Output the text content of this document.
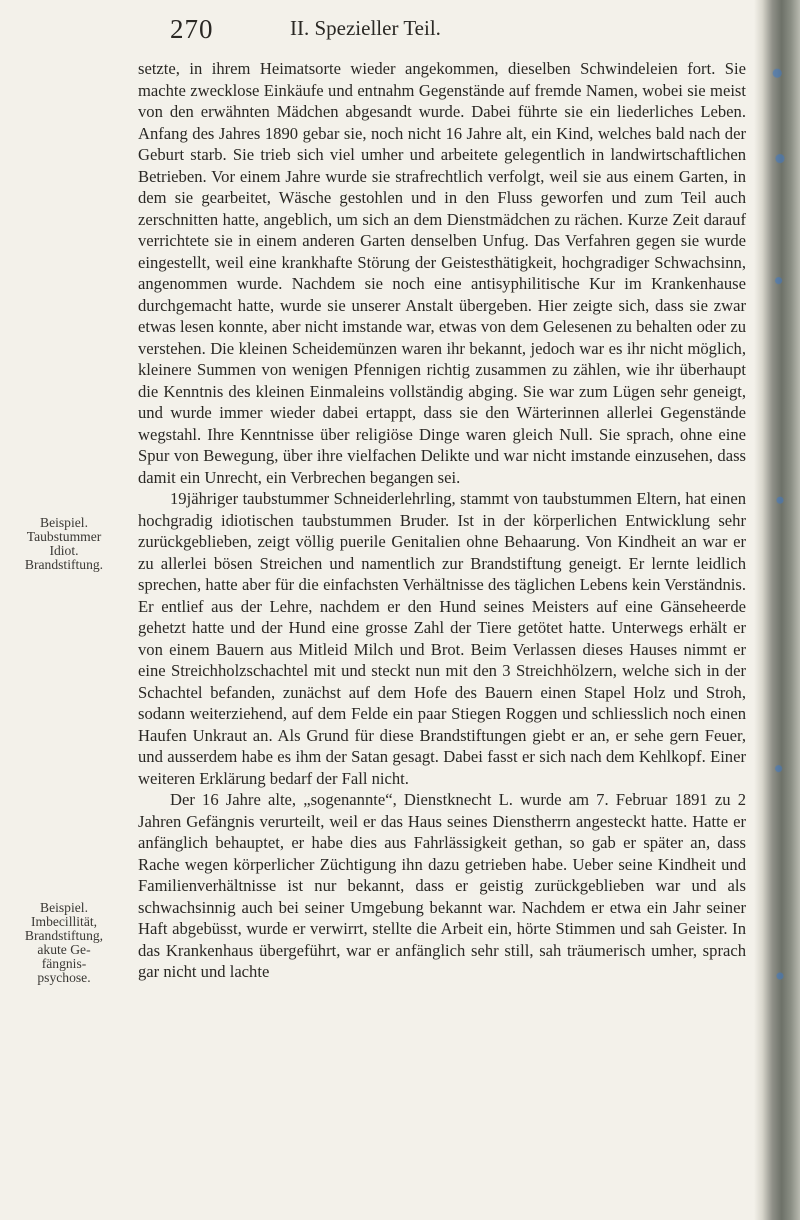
270	II. Spezieller Teil.

setzte, in ihrem Heimatsorte wieder angekommen, dieselben Schwindeleien fort. Sie machte zwecklose Einkäufe und entnahm Gegenstände auf fremde Namen, wobei sie meist von den erwähnten Mädchen abgesandt wurde. Dabei führte sie ein liederliches Leben. Anfang des Jahres 1890 gebar sie, noch nicht 16 Jahre alt, ein Kind, welches bald nach der Geburt starb. Sie trieb sich viel umher und arbeitete gelegentlich in landwirtschaftlichen Betrieben. Vor einem Jahre wurde sie strafrechtlich verfolgt, weil sie aus einem Garten, in dem sie gearbeitet, Wäsche gestohlen und in den Fluss geworfen und zum Teil auch zerschnitten hatte, angeblich, um sich an dem Dienstmädchen zu rächen. Kurze Zeit darauf verrichtete sie in einem anderen Garten denselben Unfug. Das Verfahren gegen sie wurde eingestellt, weil eine krankhafte Störung der Geistesthätigkeit, hochgradiger Schwachsinn, angenommen wurde. Nachdem sie noch eine antisyphilitische Kur im Krankenhause durchgemacht hatte, wurde sie unserer Anstalt übergeben. Hier zeigte sich, dass sie zwar etwas lesen konnte, aber nicht imstande war, etwas von dem Gelesenen zu behalten oder zu verstehen. Die kleinen Scheidemünzen waren ihr bekannt, jedoch war es ihr nicht möglich, kleinere Summen von wenigen Pfennigen richtig zusammen zu zählen, wie ihr überhaupt die Kenntnis des kleinen Einmaleins vollständig abging. Sie war zum Lügen sehr geneigt, und wurde immer wieder dabei ertappt, dass sie den Wärterinnen allerlei Gegenstände wegstahl. Ihre Kenntnisse über religiöse Dinge waren gleich Null. Sie sprach, ohne eine Spur von Bewegung, über ihre vielfachen Delikte und war nicht imstande einzusehen, dass damit ein Unrecht, ein Verbrechen begangen sei.

19jähriger taubstummer Schneiderlehrling, stammt von taubstummen Eltern, hat einen hochgradig idiotischen taubstummen Bruder. Ist in der körperlichen Entwicklung sehr zurückgeblieben, zeigt völlig puerile Genitalien ohne Behaarung. Von Kindheit an war er zu allerlei bösen Streichen und namentlich zur Brandstiftung geneigt. Er lernte leidlich sprechen, hatte aber für die einfachsten Verhältnisse des täglichen Lebens kein Verständnis. Er entlief aus der Lehre, nachdem er den Hund seines Meisters auf eine Gänseheerde gehetzt hatte und der Hund eine grosse Zahl der Tiere getötet hatte. Unterwegs erhält er von einem Bauern aus Mitleid Milch und Brot. Beim Verlassen dieses Hauses nimmt er eine Streichholzschachtel mit und steckt nun mit den 3 Streichhölzern, welche sich in der Schachtel befanden, zunächst auf dem Hofe des Bauern einen Stapel Holz und Stroh, sodann weiterziehend, auf dem Felde ein paar Stiegen Roggen und schliesslich noch einen Haufen Unkraut an. Als Grund für diese Brandstiftungen giebt er an, er sehe gern Feuer, und ausserdem habe es ihm der Satan gesagt. Dabei fasst er sich nach dem Kehlkopf. Einer weiteren Erklärung bedarf der Fall nicht.

Der 16 Jahre alte, „sogenannte“, Dienstknecht L. wurde am 7. Februar 1891 zu 2 Jahren Gefängnis verurteilt, weil er das Haus seines Dienstherrn angesteckt hatte. Hatte er anfänglich behauptet, er habe dies aus Fahrlässigkeit gethan, so gab er später an, dass Rache wegen körperlicher Züchtigung ihn dazu getrieben habe. Ueber seine Kindheit und Familienverhältnisse ist nur bekannt, dass er geistig zurückgeblieben war und als schwachsinnig auch bei seiner Umgebung bekannt war. Nachdem er etwa ein Jahr seiner Haft abgebüsst, wurde er verwirrt, stellte die Arbeit ein, hörte Stimmen und sah Geister. In das Krankenhaus übergeführt, war er anfänglich sehr still, sah träumerisch umher, sprach gar nicht und lachte

Beispiel.
Taubstummer
Idiot.
Brandstiftung.
Beispiel.
Imbecillität,
Brandstiftung,
akute Ge-
fängnis-
psychose.
